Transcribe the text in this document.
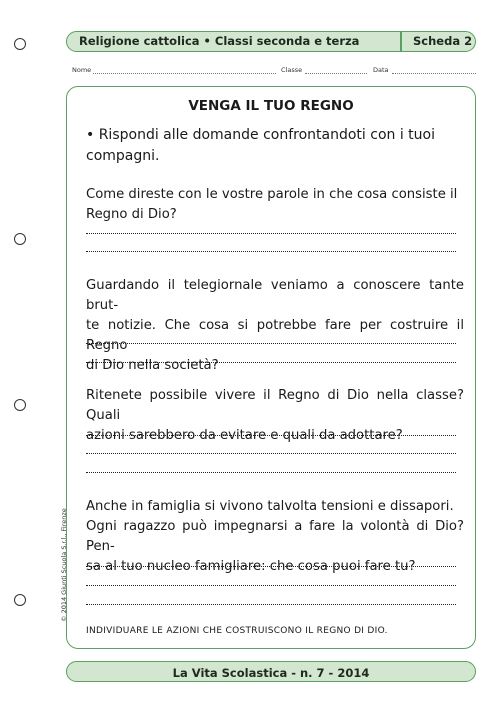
Religione cattolica • Classi seconda e terza	Scheda 2
Nome	Classe	Data
VENGA IL TUO REGNO
• Rispondi alle domande confrontandoti con i tuoi compagni.
Come direste con le vostre parole in che cosa consiste il
Regno di Dio?
Guardando il telegiornale veniamo a conoscere tante brut-
te notizie. Che cosa si potrebbe fare per costruire il Regno
di Dio nella società?
Ritenete possibile vivere il Regno di Dio nella classe? Quali
azioni sarebbero da evitare e quali da adottare?
Anche in famiglia si vivono talvolta tensioni e dissapori.
Ogni ragazzo può impegnarsi a fare la volontà di Dio? Pen-
sa al tuo nucleo famigliare: che cosa puoi fare tu?
INDIVIDUARE LE AZIONI CHE COSTRUISCONO IL REGNO DI DIO.
© 2014 Giunti Scuola S.r.l., Firenze
La Vita Scolastica - n. 7 - 2014
